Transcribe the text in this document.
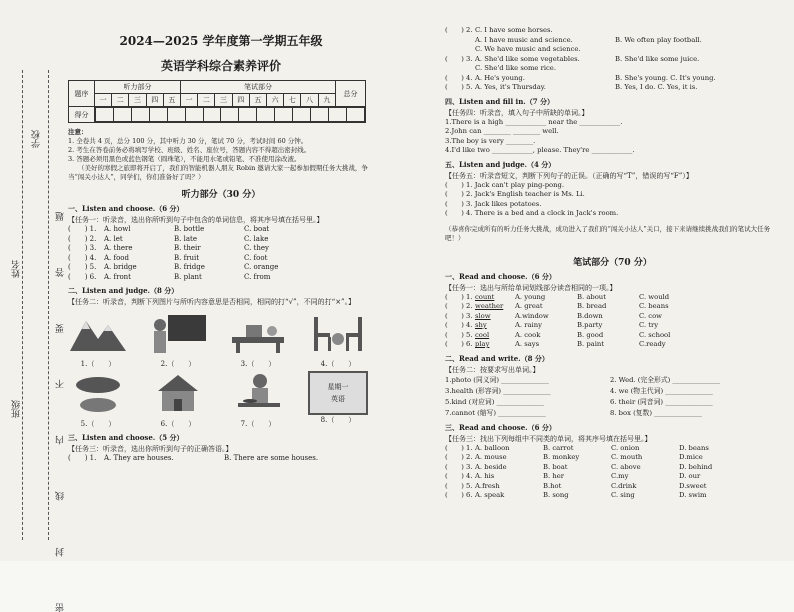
学校
姓名
班级	密 封 线 内 不 要 答 题
2024—2025 学年度第一学期五年级
英语学科综合素养评价
题序	听力部分	笔试部分	总分
一	二	三	四	五	一	二	三	四	五	六	七	八	九
得分	

注意：
1. 全卷共 4 页，总分 100 分，其中听力 30 分，笔试 70 分，考试时间 60 分钟。
2. 考生在答卷前务必将填写学校、班级、姓名、座位号，答题内容不得超出密封线。
3. 答题必须用黑色或蓝色钢笔（圆珠笔），不能用水笔或铅笔、不准使用涂改液。
（美好的寒假之旅即将开启了，我们的智能机器人朋友 Robin 邀请大家一起参加假期任务大挑战，争当“闯关小达人”，同学们，你们准备好了吗？）
听力部分（30 分）
一、Listen and choose.（6 分）
【任务一：听录音，选出你所听到句子中包含的单词信息，将其序号填在括号里。】
(　　) 1.	A. howl	B. bottle	C. boat
(　　) 2.	A. let	B. late	C. lake
(　　) 3.	A. there	B. their	C. they
(　　) 4.	A. food	B. fruit	C. foot
(　　) 5.	A. bridge	B. fridge	C. orange
(　　) 6.	A. front	B. plant	C. from
二、Listen and judge.（8 分）
【任务二：听录音，判断下列图片与所听内容意思是否相同，相同的打“√”，不同的打“×”。】
1.（　　）	2.（　　）	3.（　　）	4.（　　）
5.（　　）	6.（　　）	7.（　　）
星期一
英语
8.（　　）
三、Listen and choose.（5 分）
【任务三：听录音，选出你所听到句子的正确答语。】
(　　) 1.	A. They are houses.	B. There are some houses.
(　　) 2. C. I have some horses.
A. I have music and science.	B. We often play football.
C. We have music and science.
(　　) 3. A. She'd like some vegetables.	B. She'd like some juice.
C. She'd like some rice.
(　　) 4. A. He's young.	B. She's young. C. It's young.
(　　) 5. A. Yes, it's Thursday.	B. Yes, I do. C. Yes, it is.
四、Listen and fill in.（7 分）
【任务四：听录音，填入句子中所缺的单词。】
1.There is a high ____________ near the ____________.
2.John can ________ ________ well.
3.The boy is very ________.
4.I'd like two ____________, please. They're ____________.
五、Listen and judge.（4 分）
【任务五：听录音短文，判断下列句子的正误。（正确的写“T”，错误的写“F”）】
(　　) 1. Jack can't play ping-pong.
(　　) 2. Jack's English teacher is Ms. Li.
(　　) 3. Jack likes potatoes.
(　　) 4. There is a bed and a clock in Jack's room.
（恭喜你完成所有的听力任务大挑战，成功进入了我们的“闯关小达人”关口，接下来请继续挑战我们的笔试大任务吧！）
笔试部分（70 分）
一、Read and choose.（6 分）
【任务一：选出与所给单词划线部分读音相同的一项。】
(　　) 1. count	A. young	B. about	C. would
(　　) 2. weather	A. great	B. bread	C. beans
(　　) 3. slow	A.window	B.down	C. cow
(　　) 4. shy	A. rainy	B.party	C. try
(　　) 5. cool	A. cook	B. good	C. school
(　　) 6. play	A. says	B. paint	C.ready
二、Read and write.（8 分）
【任务二：按要求写出单词。】
1.photo (同义词) ______________	2. Wed. (完全形式) ______________
3.health (形容词) ______________	4. we (物主代词) ______________
5.kind (对应词) ______________	6. their (同音词) ______________
7.cannot (缩写) ______________	8. box (复数) ______________
三、Read and choose.（6 分）
【任务三：找出下列每组中不同类的单词，将其序号填在括号里。】
(　　) 1. A. balloon	B. carrot	C. onion	D. beans
(　　) 2. A. mouse	B. monkey	C. mouth	D.mice
(　　) 3. A. beside	B. boat	C. above	D. behind
(　　) 4. A. his	B. her	C.my	D. our
(　　) 5. A.fresh	B.hot	C.drink	D.sweet
(　　) 6. A. speak	B. song	C. sing	D. swim
